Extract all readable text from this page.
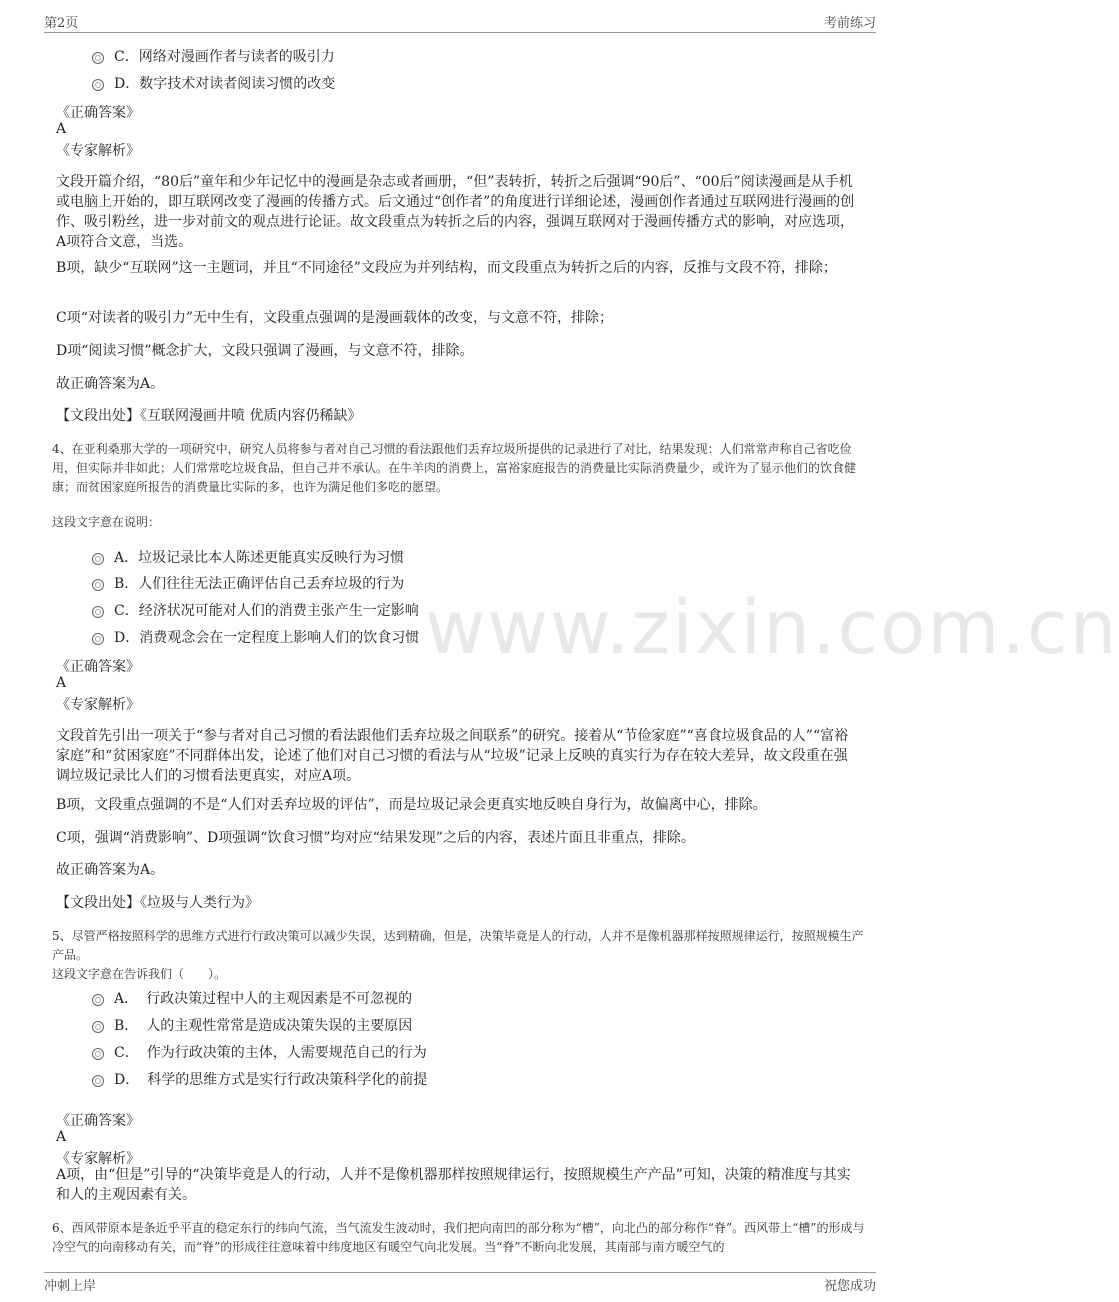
第2页	考前练习
www.zixin.com.cn
C． 网络对漫画作者与读者的吸引力
D． 数字技术对读者阅读习惯的改变
《正确答案》
A
《专家解析》
文段开篇介绍，“80后”童年和少年记忆中的漫画是杂志或者画册，“但”表转折，转折之后强调“90后”、“00后”阅读漫画是从手机或电脑上开始的，即互联网改变了漫画的传播方式。后文通过“创作者”的角度进行详细论述，漫画创作者通过互联网进行漫画的创作、吸引粉丝，进一步对前文的观点进行论证。故文段重点为转折之后的内容，强调互联网对于漫画传播方式的影响，对应选项，A项符合文意，当选。
B项，缺少“互联网”这一主题词，并且“不同途径”文段应为并列结构，而文段重点为转折之后的内容，反推与文段不符，排除；
C项“对读者的吸引力”无中生有，文段重点强调的是漫画载体的改变，与文意不符，排除；
D项“阅读习惯”概念扩大，文段只强调了漫画，与文意不符，排除。
故正确答案为A。
【文段出处】《互联网漫画井喷 优质内容仍稀缺》
4、在亚利桑那大学的一项研究中，研究人员将参与者对自己习惯的看法跟他们丢弃垃圾所提供的记录进行了对比，结果发现：人们常常声称自己省吃俭用，但实际并非如此；人们常常吃垃圾食品，但自己并不承认。在牛羊肉的消费上，富裕家庭报告的消费量比实际消费量少，或许为了显示他们的饮食健康；而贫困家庭所报告的消费量比实际的多，也许为满足他们多吃的愿望。
这段文字意在说明：
A． 垃圾记录比本人陈述更能真实反映行为习惯
B． 人们往往无法正确评估自己丢弃垃圾的行为
C． 经济状况可能对人们的消费主张产生一定影响
D． 消费观念会在一定程度上影响人们的饮食习惯
《正确答案》
A
《专家解析》
文段首先引出一项关于“参与者对自己习惯的看法跟他们丢弃垃圾之间联系”的研究。接着从“节俭家庭”“喜食垃圾食品的人”“富裕家庭”和“贫困家庭”不同群体出发，论述了他们对自己习惯的看法与从“垃圾”记录上反映的真实行为存在较大差异，故文段重在强调垃圾记录比人们的习惯看法更真实，对应A项。
B项，文段重点强调的不是“人们对丢弃垃圾的评估”，而是垃圾记录会更真实地反映自身行为，故偏离中心，排除。
C项，强调“消费影响”、D项强调“饮食习惯”均对应“结果发现”之后的内容，表述片面且非重点，排除。
故正确答案为A。
【文段出处】《垃圾与人类行为》
5、尽管严格按照科学的思维方式进行行政决策可以减少失误，达到精确，但是，决策毕竟是人的行动，人并不是像机器那样按照规律运行，按照规模生产产品。
这段文字意在告诉我们（　　）。
A． 行政决策过程中人的主观因素是不可忽视的
B． 人的主观性常常是造成决策失误的主要原因
C． 作为行政决策的主体，人需要规范自己的行为
D． 科学的思维方式是实行行政决策科学化的前提
《正确答案》
A
《专家解析》
A项，由“但是”引导的“决策毕竟是人的行动，人并不是像机器那样按照规律运行，按照规模生产产品”可知，决策的精准度与其实和人的主观因素有关。
6、西风带原本是条近乎平直的稳定东行的纬向气流，当气流发生波动时，我们把向南凹的部分称为“槽”，向北凸的部分称作“脊”。西风带上“槽”的形成与冷空气的向南移动有关，而“脊”的形成往往意味着中纬度地区有暖空气向北发展。当“脊”不断向北发展，其南部与南方暖空气的
冲刺上岸	祝您成功
